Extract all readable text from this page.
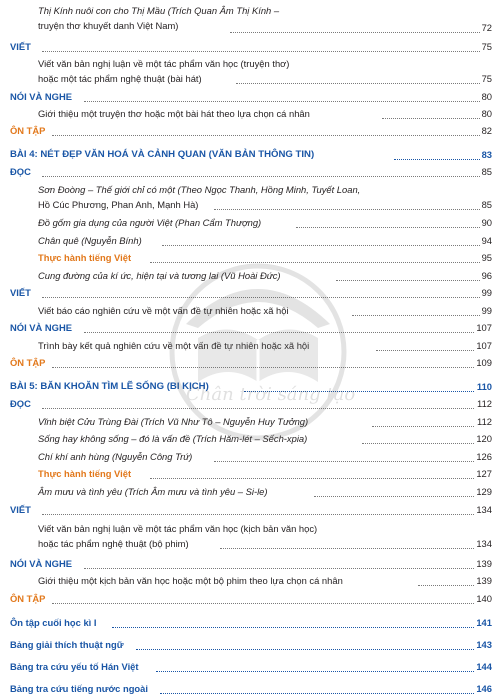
Thị Kính nuôi con cho Thị Mầu (Trích Quan Âm Thị Kính –
truyện thơ khuyết danh Việt Nam)	72
VIẾT	75
Viết văn bản nghị luận về một tác phẩm văn học (truyện thơ)
hoặc một tác phẩm nghệ thuật (bài hát)	75
NÓI VÀ NGHE	80
Giới thiệu một truyện thơ hoặc một bài hát theo lựa chọn cá nhân	80
ÔN TẬP	82
BÀI 4: NÉT ĐẸP VĂN HOÁ VÀ CẢNH QUAN (VĂN BẢN THÔNG TIN)	83
ĐỌC	85
Sơn Đoòng – Thế giới chỉ có một (Theo Ngọc Thanh, Hồng Minh, Tuyết Loan,
Hồ Cúc Phương, Phan Anh, Mạnh Hà)	85
Đồ gốm gia dụng của người Việt (Phan Cẩm Thượng)	90
Chân quê (Nguyễn Bính)	94
Thực hành tiếng Việt	95
Cung đường của kí ức, hiện tại và tương lai (Vũ Hoài Đức)	96
VIẾT	99
Viết báo cáo nghiên cứu về một vấn đề tự nhiên hoặc xã hội	99
NÓI VÀ NGHE	107
Trình bày kết quả nghiên cứu về một vấn đề tự nhiên hoặc xã hội	107
ÔN TẬP	109
BÀI 5: BĂN KHOĂN TÌM LẼ SỐNG (BI KỊCH)	110
ĐỌC	112
Vĩnh biệt Cửu Trùng Đài (Trích Vũ Như Tô – Nguyễn Huy Tưởng)	112
Sống hay không sống – đó là vấn đề (Trích Hăm-lét – Sếch-xpia)	120
Chí khí anh hùng (Nguyễn Công Trứ)	126
Thực hành tiếng Việt	127
Âm mưu và tình yêu (Trích Âm mưu và tình yêu – Si-le)	129
VIẾT	134
Viết văn bản nghị luận về một tác phẩm văn học (kịch bản văn học)
hoặc tác phẩm nghệ thuật (bộ phim)	134
NÓI VÀ NGHE	139
Giới thiệu một kịch bản văn học hoặc một bộ phim theo lựa chọn cá nhân	139
ÔN TẬP	140
Ôn tập cuối học kì I	141
Bảng giải thích thuật ngữ	143
Bảng tra cứu yếu tố Hán Việt	144
Bảng tra cứu tiếng nước ngoài	146
Chân trời sáng tạo
